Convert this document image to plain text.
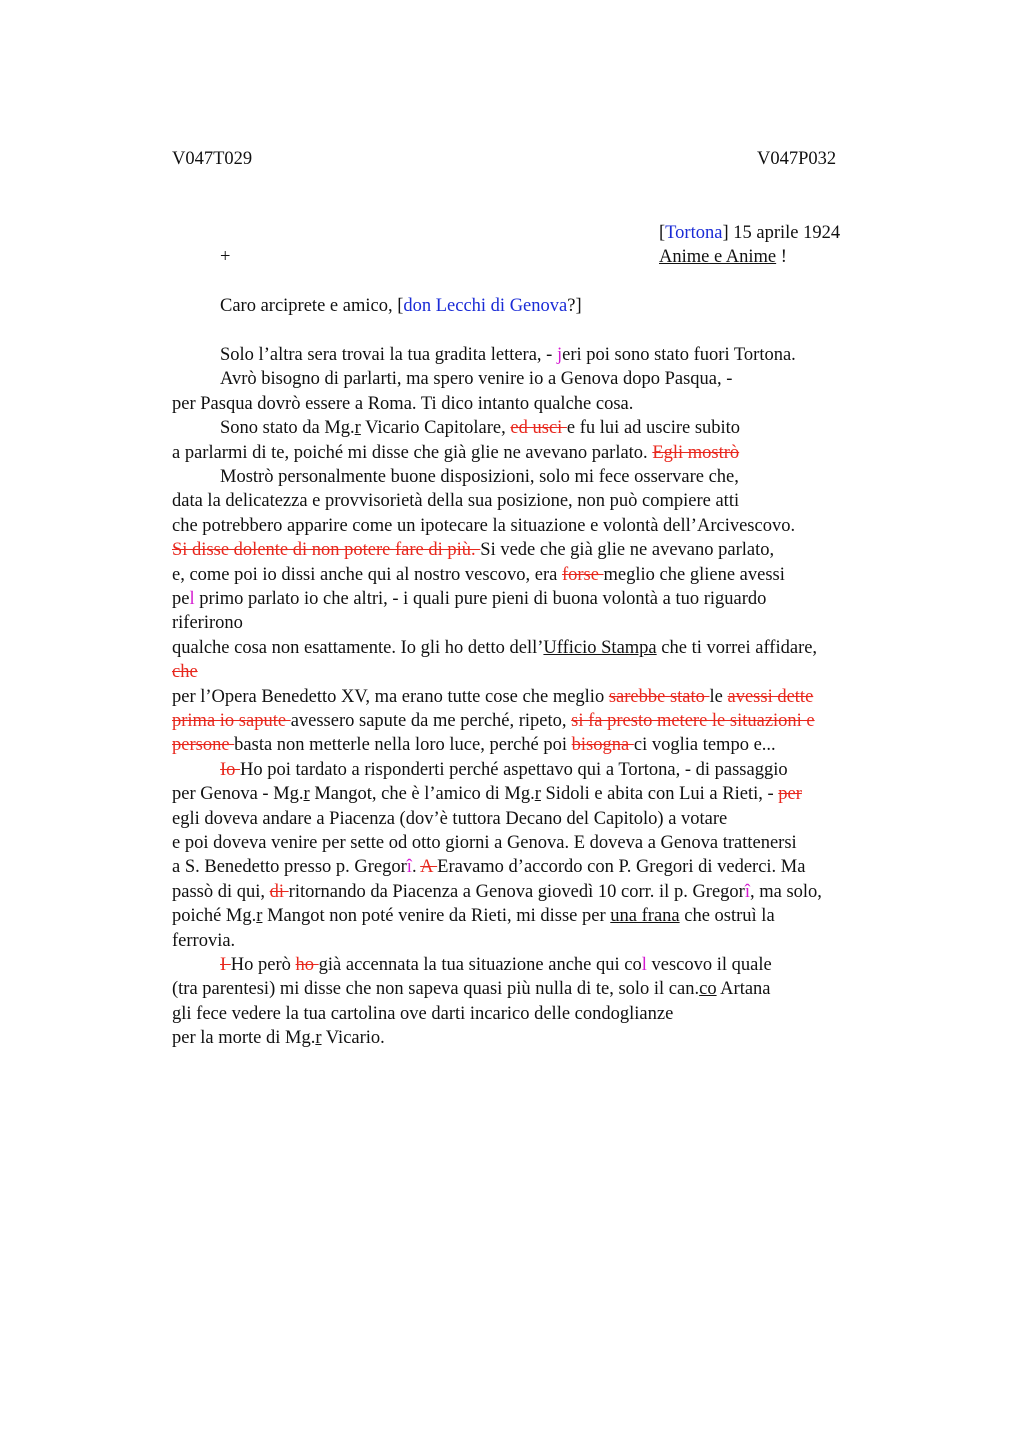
V047T029	V047P032
[Tortona] 15 aprile 1924
+	Anime e Anime !
Caro arciprete e amico, [don Lecchi di Genova?]
Solo l’altra sera trovai la tua gradita lettera, - jeri poi sono stato fuori Tortona.
Avrò bisogno di parlarti, ma spero venire io a Genova dopo Pasqua, -
per Pasqua dovrò essere a Roma. Ti dico intanto qualche cosa.
Sono stato da Mg.r Vicario Capitolare, ed usci e fu lui ad uscire subito
a parlarmi di te, poiché mi disse che già glie ne avevano parlato. Egli mostrò
Mostrò personalmente buone disposizioni, solo mi fece osservare che,
data la delicatezza e provvisorietà della sua posizione, non può compiere atti
che potrebbero apparire come un ipotecare la situazione e volontà dell’Arcivescovo.
Si disse dolente di non potere fare di più. Si vede che già glie ne avevano parlato,
e, come poi io dissi anche qui al nostro vescovo, era forse meglio che gliene avessi
pel primo parlato io che altri, - i quali pure pieni di buona volontà a tuo riguardo
riferirono
qualche cosa non esattamente. Io gli ho detto dell’Ufficio Stampa che ti vorrei affidare,
che
per l’Opera Benedetto XV, ma erano tutte cose che meglio sarebbe stato le avessi dette
prima io sapute avessero sapute da me perché, ripeto, si fa presto metere le situazioni e
persone basta non metterle nella loro luce, perché poi bisogna ci voglia tempo e...
Io Ho poi tardato a risponderti perché aspettavo qui a Tortona, - di passaggio
per Genova - Mg.r Mangot, che è l’amico di Mg.r Sidoli e abita con Lui a Rieti, - per
egli doveva andare a Piacenza (dov’è tuttora Decano del Capitolo) a votare
e poi doveva venire per sette od otto giorni a Genova. E doveva a Genova trattenersi
a S. Benedetto presso p. Gregorî. A Eravamo d’accordo con P. Gregori di vederci. Ma
passò di qui, di ritornando da Piacenza a Genova giovedì 10 corr. il p. Gregorî, ma solo,
poiché Mg.r Mangot non poté venire da Rieti, mi disse per una frana che ostruì la
ferrovia.
I Ho però ho già accennata la tua situazione anche qui col vescovo il quale
(tra parentesi) mi disse che non sapeva quasi più nulla di te, solo il can.co Artana
gli fece vedere la tua cartolina ove darti incarico delle condoglianze
per la morte di Mg.r Vicario.
